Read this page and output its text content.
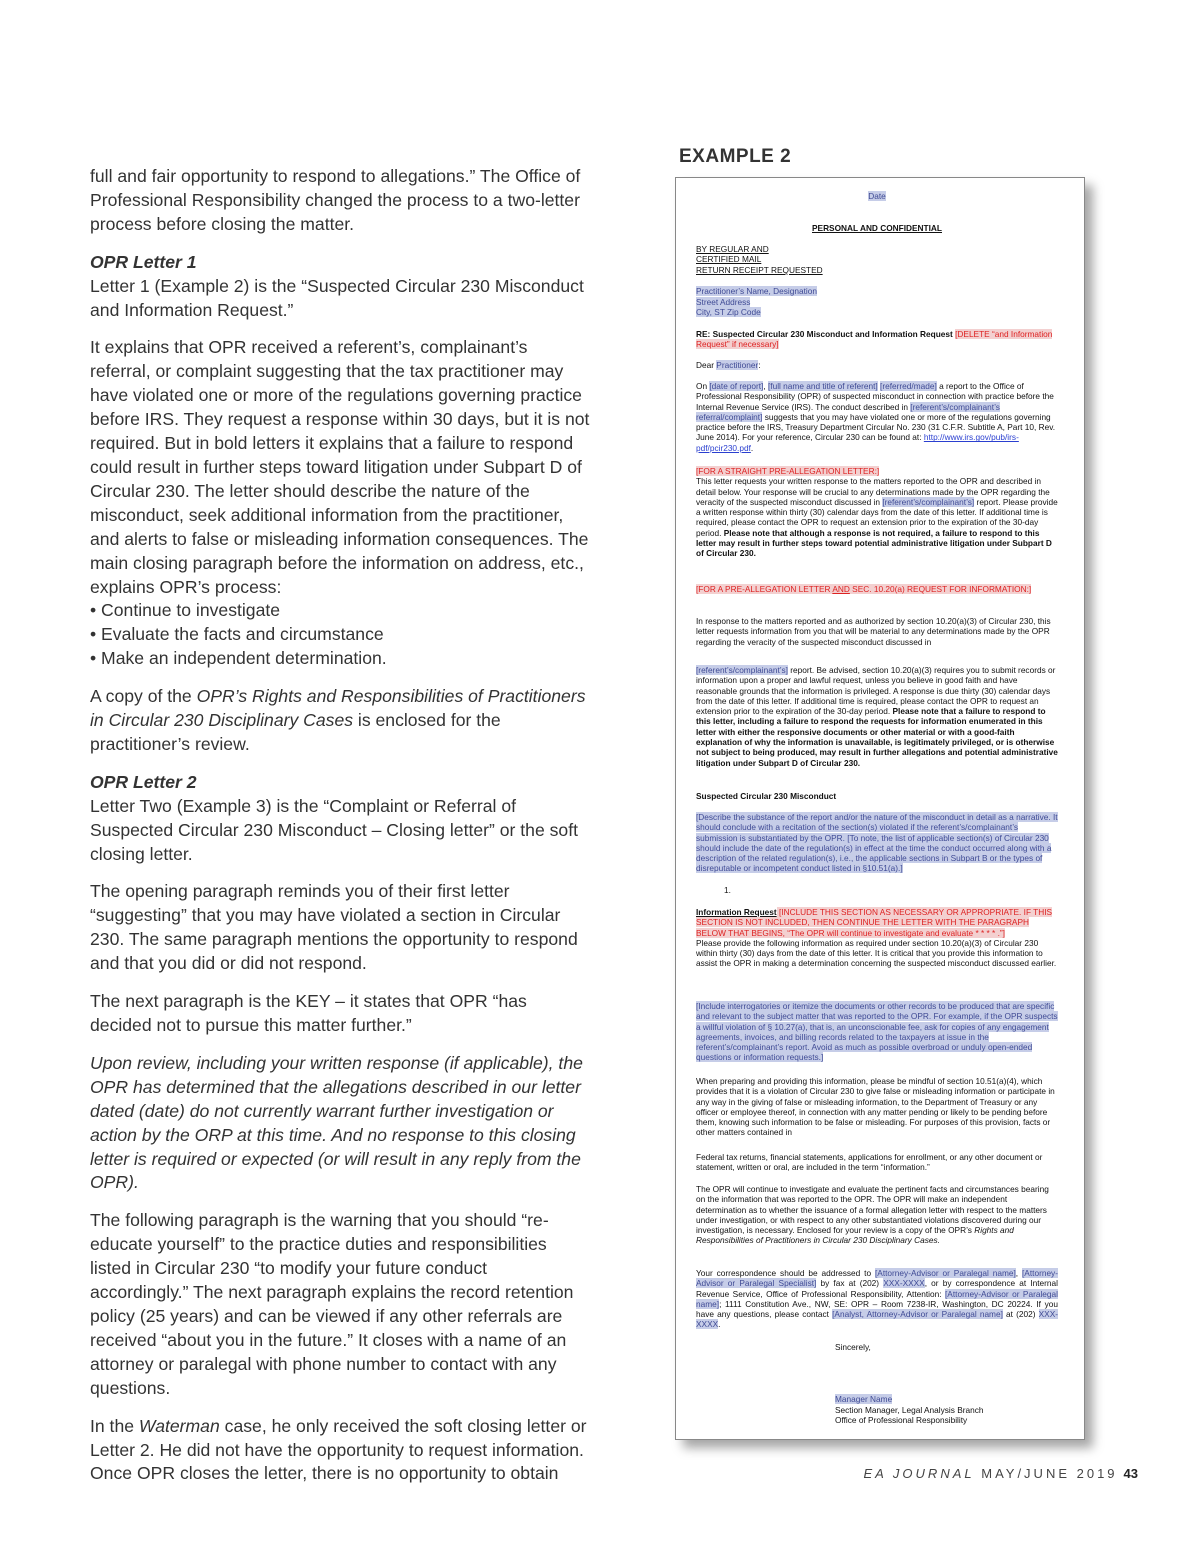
full and fair opportunity to respond to allegations.” The Office of Professional Responsibility changed the process to a two-letter process before closing the matter.

OPR Letter 1

Letter 1 (Example 2) is the “Suspected Circular 230 Misconduct and Information Request.”

It explains that OPR received a referent’s, complainant’s referral, or complaint suggesting that the tax practitioner may have violated one or more of the regulations governing practice before IRS. They request a response within 30 days, but it is not required. But in bold letters it explains that a failure to respond could result in further steps toward litigation under Subpart D of Circular 230. The letter should describe the nature of the misconduct, seek additional information from the practitioner, and alerts to false or misleading information consequences. The main closing paragraph before the information on address, etc., explains OPR’s process:

• Continue to investigate

• Evaluate the facts and circumstance

• Make an independent determination.

A copy of the OPR’s Rights and Responsibilities of Practitioners in Circular 230 Disciplinary Cases is enclosed for the practitioner’s review.

OPR Letter 2

Letter Two (Example 3) is the “Complaint or Referral of Suspected Circular 230 Misconduct – Closing letter” or the soft closing letter.

The opening paragraph reminds you of their first letter “suggesting” that you may have violated a section in Circular 230. The same paragraph mentions the opportunity to respond and that you did or did not respond.

The next paragraph is the KEY – it states that OPR “has decided not to pursue this matter further.”

Upon review, including your written response (if applicable), the OPR has determined that the allegations described in our letter dated (date) do not currently warrant further investigation or action by the ORP at this time. And no response to this closing letter is required or expected (or will result in any reply from the OPR).

The following paragraph is the warning that you should “re-educate yourself” to the practice duties and responsibilities listed in Circular 230 “to modify your future conduct accordingly.” The next paragraph explains the record retention policy (25 years) and can be viewed if any other referrals are received “about you in the future.” It closes with a name of an attorney or paralegal with phone number to contact with any questions.

In the Waterman case, he only received the soft closing letter or Letter 2. He did not have the opportunity to request information. Once OPR closes the letter, there is no opportunity to obtain

EXAMPLE 2
Date
PERSONAL AND CONFIDENTIAL
BY REGULAR AND
CERTIFIED MAIL
RETURN RECEIPT REQUESTED
Practitioner’s Name, Designation
Street Address
City, ST Zip Code
RE: Suspected Circular 230 Misconduct and Information Request [DELETE “and Information Request” if necessary]
Dear Practitioner:
On [date of report], [full name and title of referent] [referred/made] a report to the Office of Professional Responsibility (OPR) of suspected misconduct in connection with practice before the Internal Revenue Service (IRS). The conduct described in [referent’s/complainant’s referral/complaint] suggests that you may have violated one or more of the regulations governing practice before the IRS, Treasury Department Circular No. 230 (31 C.F.R. Subtitle A, Part 10, Rev. June 2014). For your reference, Circular 230 can be found at: http://www.irs.gov/pub/irs-pdf/pcir230.pdf.
[FOR A STRAIGHT PRE-ALLEGATION LETTER:]
This letter requests your written response to the matters reported to the OPR and described in detail below. Your response will be crucial to any determinations made by the OPR regarding the veracity of the suspected misconduct discussed in [referent’s/complainant’s] report. Please provide a written response within thirty (30) calendar days from the date of this letter. If additional time is required, please contact the OPR to request an extension prior to the expiration of the 30-day period. Please note that although a response is not required, a failure to respond to this letter may result in further steps toward potential administrative litigation under Subpart D of Circular 230.
[FOR A PRE-ALLEGATION LETTER AND SEC. 10.20(a) REQUEST FOR INFORMATION:]
In response to the matters reported and as authorized by section 10.20(a)(3) of Circular 230, this letter requests information from you that will be material to any determinations made by the OPR regarding the veracity of the suspected misconduct discussed in
[referent’s/complainant’s] report. Be advised, section 10.20(a)(3) requires you to submit records or information upon a proper and lawful request, unless you believe in good faith and have reasonable grounds that the information is privileged. A response is due thirty (30) calendar days from the date of this letter. If additional time is required, please contact the OPR to request an extension prior to the expiration of the 30-day period. Please note that a failure to respond to this letter, including a failure to respond the requests for information enumerated in this letter with either the responsive documents or other material or with a good-faith explanation of why the information is unavailable, is legitimately privileged, or is otherwise not subject to being produced, may result in further allegations and potential administrative litigation under Subpart D of Circular 230.
Suspected Circular 230 Misconduct
[Describe the substance of the report and/or the nature of the misconduct in detail as a narrative. It should conclude with a recitation of the section(s) violated if the referent’s/complainant’s submission is substantiated by the OPR. [To note, the list of applicable section(s) of Circular 230 should include the date of the regulation(s) in effect at the time the conduct occurred along with a description of the related regulation(s), i.e., the applicable sections in Subpart B or the types of disreputable or incompetent conduct listed in §10.51(a).]
1.
Information Request [INCLUDE THIS SECTION AS NECESSARY OR APPROPRIATE. IF THIS SECTION IS NOT INCLUDED, THEN CONTINUE THE LETTER WITH THE PARAGRAPH BELOW THAT BEGINS, “The OPR will continue to investigate and evaluate * * * * .”]
Please provide the following information as required under section 10.20(a)(3) of Circular 230 within thirty (30) days from the date of this letter. It is critical that you provide this information to assist the OPR in making a determination concerning the suspected misconduct discussed earlier.
[Include interrogatories or itemize the documents or other records to be produced that are specific and relevant to the subject matter that was reported to the OPR. For example, if the OPR suspects a willful violation of § 10.27(a), that is, an unconscionable fee, ask for copies of any engagement agreements, invoices, and billing records related to the taxpayers at issue in the referent’s/complainant’s report. Avoid as much as possible overbroad or unduly open-ended questions or information requests.]
When preparing and providing this information, please be mindful of section 10.51(a)(4), which provides that it is a violation of Circular 230 to give false or misleading information or participate in any way in the giving of false or misleading information, to the Department of Treasury or any officer or employee thereof, in connection with any matter pending or likely to be pending before them, knowing such information to be false or misleading. For purposes of this provision, facts or other matters contained in
Federal tax returns, financial statements, applications for enrollment, or any other document or statement, written or oral, are included in the term “information.”
The OPR will continue to investigate and evaluate the pertinent facts and circumstances bearing on the information that was reported to the OPR. The OPR will make an independent determination as to whether the issuance of a formal allegation letter with respect to the matters under investigation, or with respect to any other substantiated violations discovered during our investigation, is necessary. Enclosed for your review is a copy of the OPR’s Rights and Responsibilities of Practitioners in Circular 230 Disciplinary Cases.
Your correspondence should be addressed to [Attorney-Advisor or Paralegal name], [Attorney-Advisor or Paralegal Specialist] by fax at (202) XXX-XXXX, or by correspondence at Internal Revenue Service, Office of Professional Responsibility, Attention: [Attorney-Advisor or Paralegal name]; 1111 Constitution Ave., NW, SE: OPR – Room 7238-IR, Washington, DC 20224. If you have any questions, please contact [Analyst, Attorney-Advisor or Paralegal name] at (202) XXX-XXXX.
Sincerely,
Manager Name
Section Manager, Legal Analysis Branch
Office of Professional Responsibility
EA JOURNAL MAY/JUNE 2019 43
